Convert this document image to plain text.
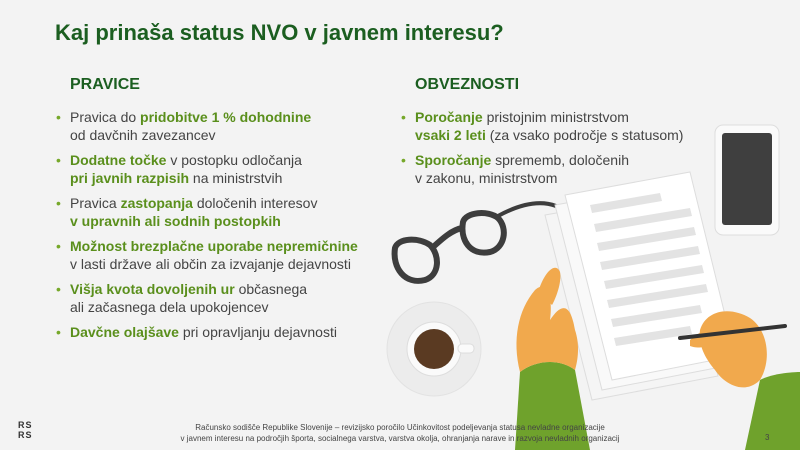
Kaj prinaša status NVO v javnem interesu?
PRAVICE
• Pravica do pridobitve 1 % dohodnine
od davčnih zavezancev
• Dodatne točke v postopku odločanja
pri javnih razpisih na ministrstvih
• Pravica zastopanja določenih interesov
v upravnih ali sodnih postopkih
• Možnost brezplačne uporabe nepremičnine
v lasti države ali občin za izvajanje dejavnosti
• Višja kvota dovoljenih ur občasnega
ali začasnega dela upokojencev
• Davčne olajšave pri opravljanju dejavnosti
OBVEZNOSTI
• Poročanje pristojnim ministrstvom
vsaki 2 leti (za vsako področje s statusom)
• Sporočanje sprememb, določenih
v zakonu, ministrstvom
RS
RS
Računsko sodišče Republike Slovenije – revizijsko poročilo Učinkovitost podeljevanja statusa nevladne organizacije
v javnem interesu na področjih športa, socialnega varstva, varstva okolja, ohranjanja narave in razvoja nevladnih organizacij	3
